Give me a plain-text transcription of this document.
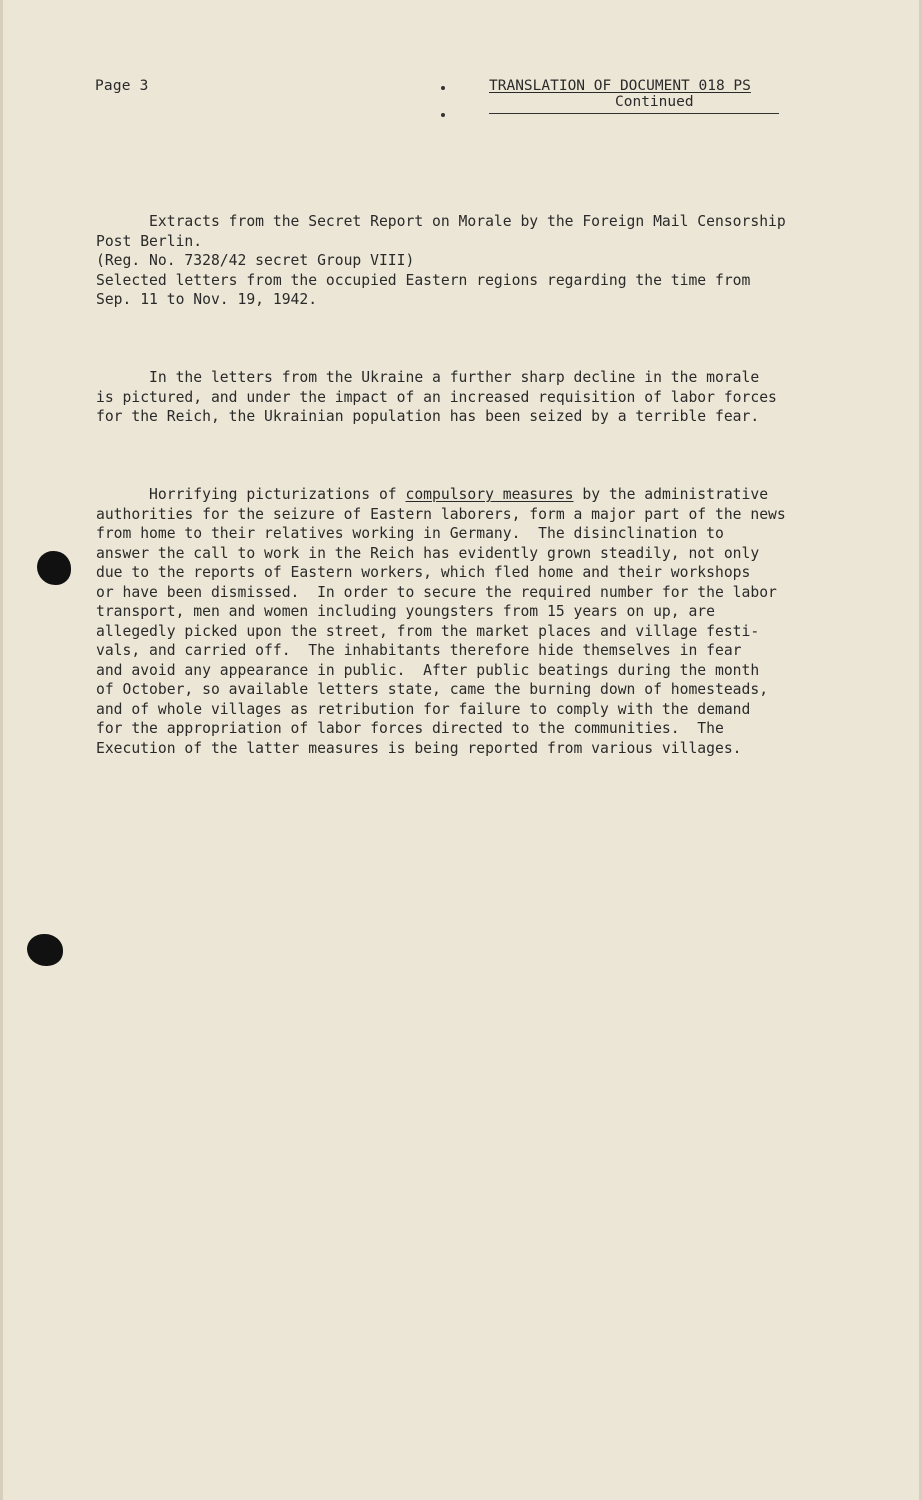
Page 3	TRANSLATION OF DOCUMENT 018 PS
Continued

Extracts from the Secret Report on Morale by the Foreign Mail Censorship
Post Berlin.
(Reg. No. 7328/42 secret Group VIII)
Selected letters from the occupied Eastern regions regarding the time from
Sep. 11 to Nov. 19, 1942.

In the letters from the Ukraine a further sharp decline in the morale
is pictured, and under the impact of an increased requisition of labor forces
for the Reich, the Ukrainian population has been seized by a terrible fear.

Horrifying picturizations of compulsory measures by the administrative
authorities for the seizure of Eastern laborers, form a major part of the news
from home to their relatives working in Germany.  The disinclination to
answer the call to work in the Reich has evidently grown steadily, not only
due to the reports of Eastern workers, which fled home and their workshops
or have been dismissed.  In order to secure the required number for the labor
transport, men and women including youngsters from 15 years on up, are
allegedly picked upon the street, from the market places and village festi-
vals, and carried off.  The inhabitants therefore hide themselves in fear
and avoid any appearance in public.  After public beatings during the month
of October, so available letters state, came the burning down of homesteads,
and of whole villages as retribution for failure to comply with the demand
for the appropriation of labor forces directed to the communities.  The
Execution of the latter measures is being reported from various villages.
